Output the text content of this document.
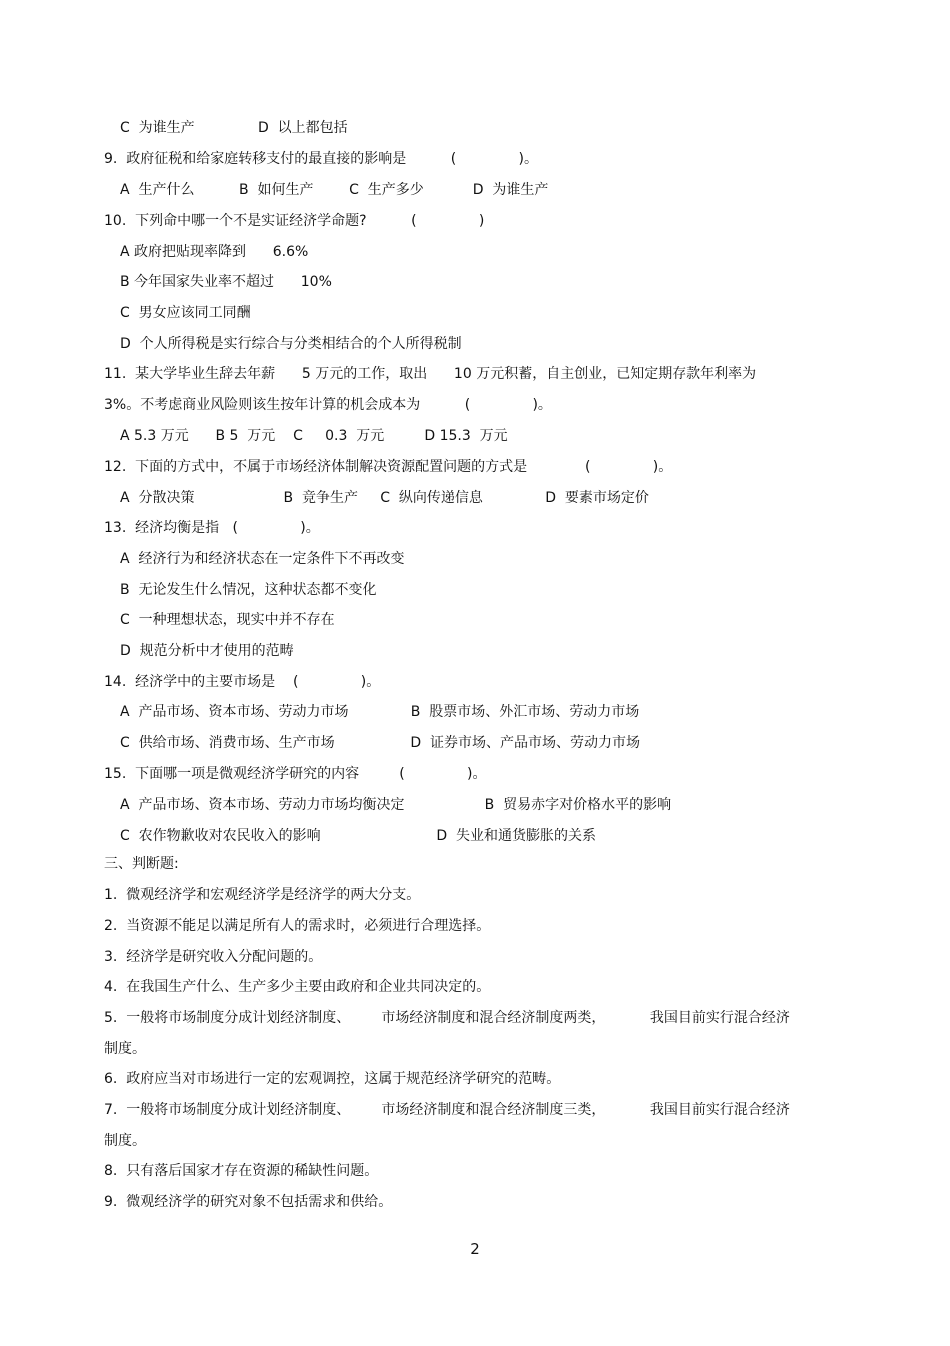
C  为谁生产	D  以上都包括
9.  政府征税和给家庭转移支付的最直接的影响是          (              )。
A  生产什么          B  如何生产        C  生产多少           D  为谁生产
10.  下列命中哪一个不是实证经济学命题?          (              )
A 政府把贴现率降到      6.6%
B 今年国家失业率不超过      10%
C  男女应该同工同酬
D  个人所得税是实行综合与分类相结合的个人所得税制
11.  某大学毕业生辞去年薪      5 万元的工作，取出      10 万元积蓄，自主创业，已知定期存款年利率为
3%。不考虑商业风险则该生按年计算的机会成本为          (              )。
A 5.3 万元      B 5  万元    C     0.3  万元         D 15.3  万元
12.  下面的方式中，不属于市场经济体制解决资源配置问题的方式是             (              )。
A  分散决策                    B  竞争生产     C  纵向传递信息              D  要素市场定价
13.  经济均衡是指   (              )。
A  经济行为和经济状态在一定条件下不再改变
B  无论发生什么情况，这种状态都不变化
C  一种理想状态，现实中并不存在
D  规范分析中才使用的范畴
14.  经济学中的主要市场是    (              )。
A  产品市场、资本市场、劳动力市场              B  股票市场、外汇市场、劳动力市场
C  供给市场、消费市场、生产市场                 D  证券市场、产品市场、劳动力市场
15.  下面哪一项是微观经济学研究的内容         (              )。
A  产品市场、资本市场、劳动力市场均衡决定                  B  贸易赤字对价格水平的影响
C  农作物歉收对农民收入的影响                          D  失业和通货膨胀的关系
三、判断题:
1.  微观经济学和宏观经济学是经济学的两大分支。
2.  当资源不能足以满足所有人的需求时，必须进行合理选择。
3.  经济学是研究收入分配问题的。
4.  在我国生产什么、生产多少主要由政府和企业共同决定的。
5.  一般将市场制度分成计划经济制度、       市场经济制度和混合经济制度两类，          我国目前实行混合经济
制度。
6.  政府应当对市场进行一定的宏观调控，这属于规范经济学研究的范畴。
7.  一般将市场制度分成计划经济制度、       市场经济制度和混合经济制度三类，          我国目前实行混合经济
制度。
8.  只有落后国家才存在资源的稀缺性问题。
9.  微观经济学的研究对象不包括需求和供给。
2
